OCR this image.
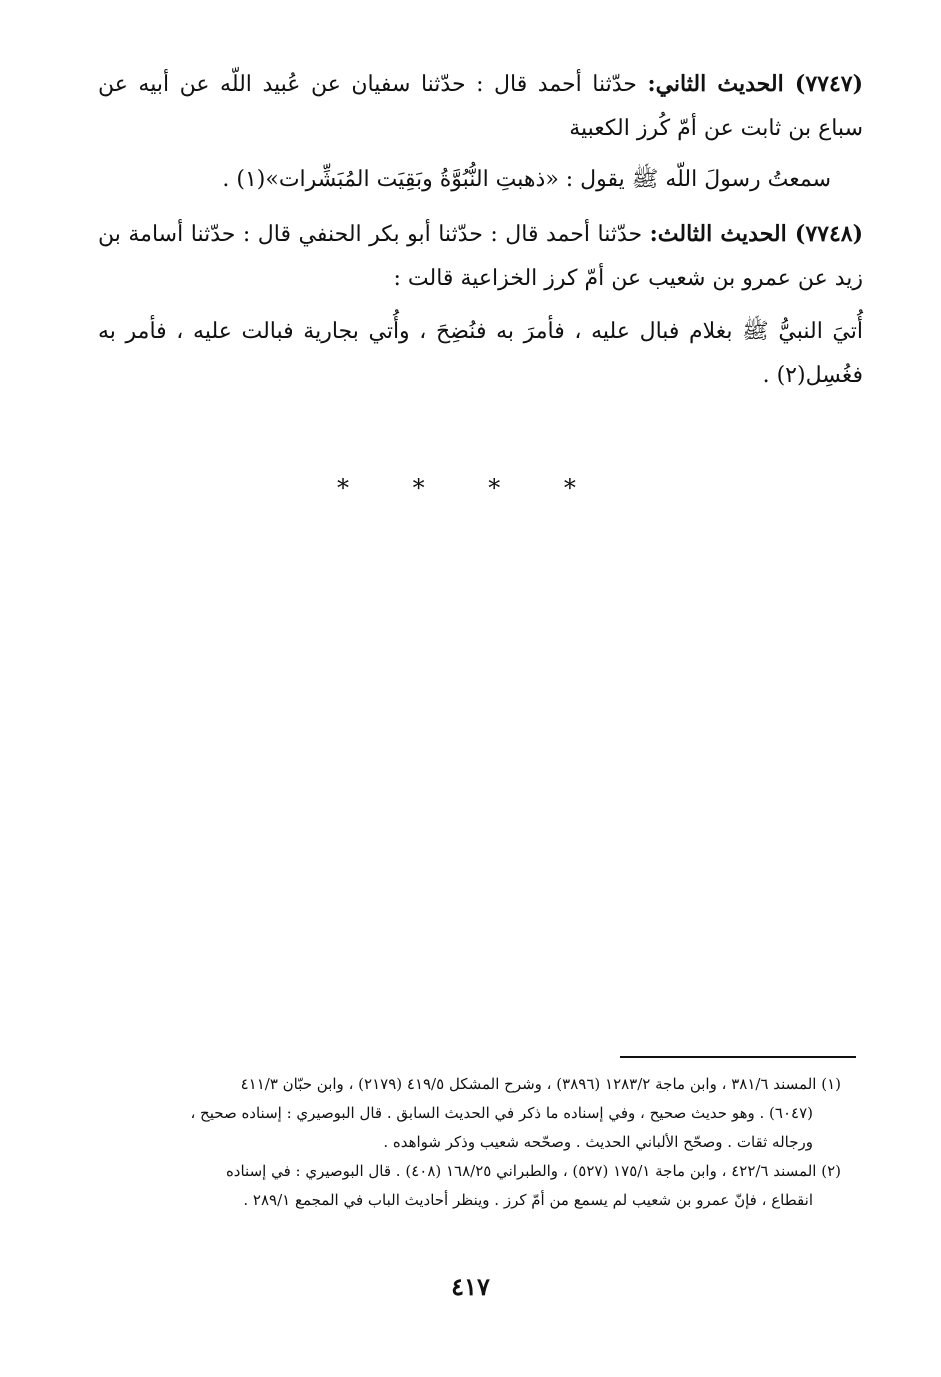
(٧٧٤٧) الحديث الثاني: حدّثنا أحمد قال : حدّثنا سفيان عن عُبيد اللّه عن أبيه عن سباع بن ثابت عن أمّ كُرز الكعبية
سمعتُ رسولَ اللّه ﷺ يقول : «ذهبتِ النُّبُوَّةُ وبَقِيَت المُبَشِّرات»(١) .
(٧٧٤٨) الحديث الثالث: حدّثنا أحمد قال : حدّثنا أبو بكر الحنفي قال : حدّثنا أسامة بن زيد عن عمرو بن شعيب عن أمّ كرز الخزاعية قالت :
أُتيَ النبيُّ ﷺ بغلام فبال عليه ، فأمرَ به فنُضِحَ ، وأُتي بجارية فبالت عليه ، فأمر به فغُسِل(٢) .
* * * *

(١) المسند ٣٨١/٦ ، وابن ماجة ١٢٨٣/٢ (٣٨٩٦) ، وشرح المشكل ٤١٩/٥ (٢١٧٩) ، وابن حبّان ٤١١/٣

(٦٠٤٧) . وهو حديث صحيح ، وفي إسناده ما ذكر في الحديث السابق . قال البوصيري : إسناده صحيح ،

ورجاله ثقات . وصحّح الألباني الحديث . وصحّحه شعيب وذكر شواهده .

(٢) المسند ٤٢٢/٦ ، وابن ماجة ١٧٥/١ (٥٢٧) ، والطبراني ١٦٨/٢٥ (٤٠٨) . قال البوصيري : في إسناده

انقطاع ، فإنّ عمرو بن شعيب لم يسمع من أمّ كرز . وينظر أحاديث الباب في المجمع ٢٨٩/١ .

٤١٧
